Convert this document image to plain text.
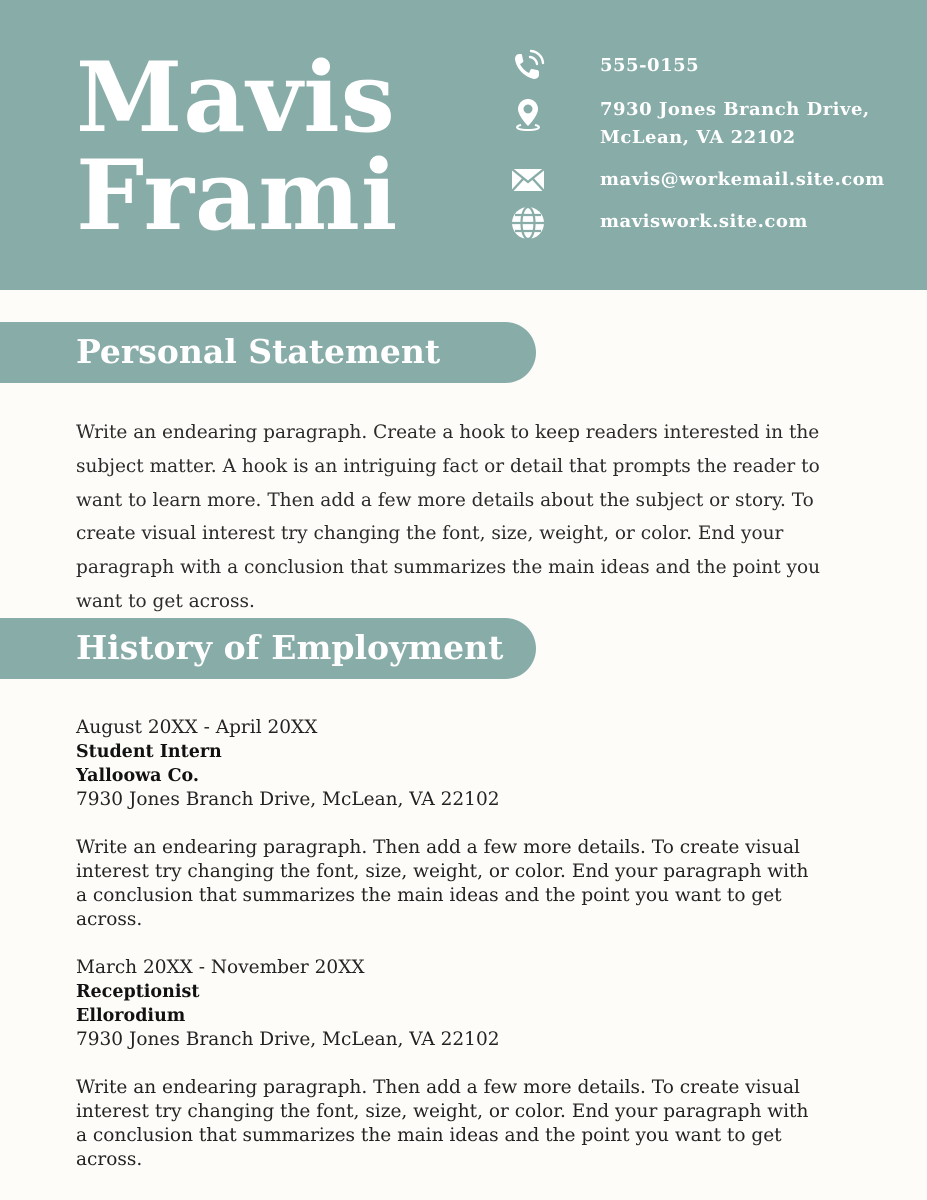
Mavis
Frami
555-0155
7930 Jones Branch Drive,
McLean, VA 22102
mavis@workemail.site.com
maviswork.site.com
Personal Statement

Write an endearing paragraph. Create a hook to keep readers interested in the subject matter. A hook is an intriguing fact or detail that prompts the reader to want to learn more. Then add a few more details about the subject or story. To create visual interest try changing the font, size, weight, or color. End your paragraph with a conclusion that summarizes the main ideas and the point you want to get across.

History of Employment
August 20XX - April 20XX
Student Intern
Yalloowa Co.
7930 Jones Branch Drive, McLean, VA 22102
Write an endearing paragraph. Then add a few more details. To create visual interest try changing the font, size, weight, or color. End your paragraph with a conclusion that summarizes the main ideas and the point you want to get across.
March 20XX - November 20XX
Receptionist
Ellorodium
7930 Jones Branch Drive, McLean, VA 22102
Write an endearing paragraph. Then add a few more details. To create visual interest try changing the font, size, weight, or color. End your paragraph with a conclusion that summarizes the main ideas and the point you want to get across.
